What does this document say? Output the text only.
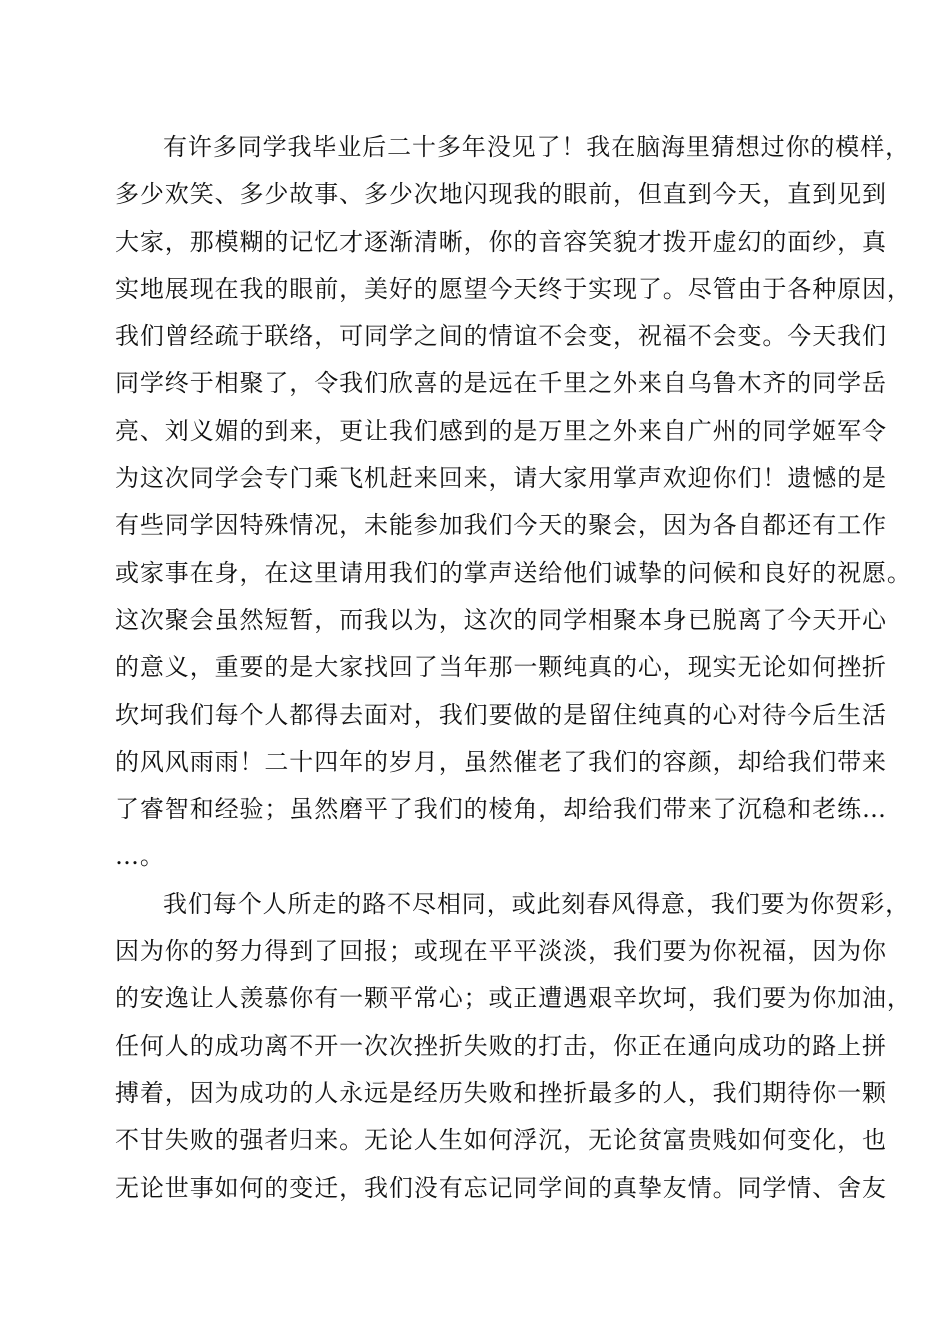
有许多同学我毕业后二十多年没见了！我在脑海里猜想过你的模样，
多少欢笑、多少故事、多少次地闪现我的眼前，但直到今天，直到见到
大家，那模糊的记忆才逐渐清晰，你的音容笑貌才拨开虚幻的面纱，真
实地展现在我的眼前，美好的愿望今天终于实现了。尽管由于各种原因，
我们曾经疏于联络，可同学之间的情谊不会变，祝福不会变。今天我们
同学终于相聚了，令我们欣喜的是远在千里之外来自乌鲁木齐的同学岳
亮、刘义媚的到来，更让我们感到的是万里之外来自广州的同学姬军令
为这次同学会专门乘飞机赶来回来，请大家用掌声欢迎你们！遗憾的是
有些同学因特殊情况，未能参加我们今天的聚会，因为各自都还有工作
或家事在身，在这里请用我们的掌声送给他们诚挚的问候和良好的祝愿。
这次聚会虽然短暂，而我以为，这次的同学相聚本身已脱离了今天开心
的意义，重要的是大家找回了当年那一颗纯真的心，现实无论如何挫折
坎坷我们每个人都得去面对，我们要做的是留住纯真的心对待今后生活
的风风雨雨！二十四年的岁月，虽然催老了我们的容颜，却给我们带来
了睿智和经验；虽然磨平了我们的棱角，却给我们带来了沉稳和老练…
…。
我们每个人所走的路不尽相同，或此刻春风得意，我们要为你贺彩，
因为你的努力得到了回报；或现在平平淡淡，我们要为你祝福，因为你
的安逸让人羡慕你有一颗平常心；或正遭遇艰辛坎坷，我们要为你加油，
任何人的成功离不开一次次挫折失败的打击，你正在通向成功的路上拼
搏着，因为成功的人永远是经历失败和挫折最多的人，我们期待你一颗
不甘失败的强者归来。无论人生如何浮沉，无论贫富贵贱如何变化，也
无论世事如何的变迁，我们没有忘记同学间的真挚友情。同学情、舍友
